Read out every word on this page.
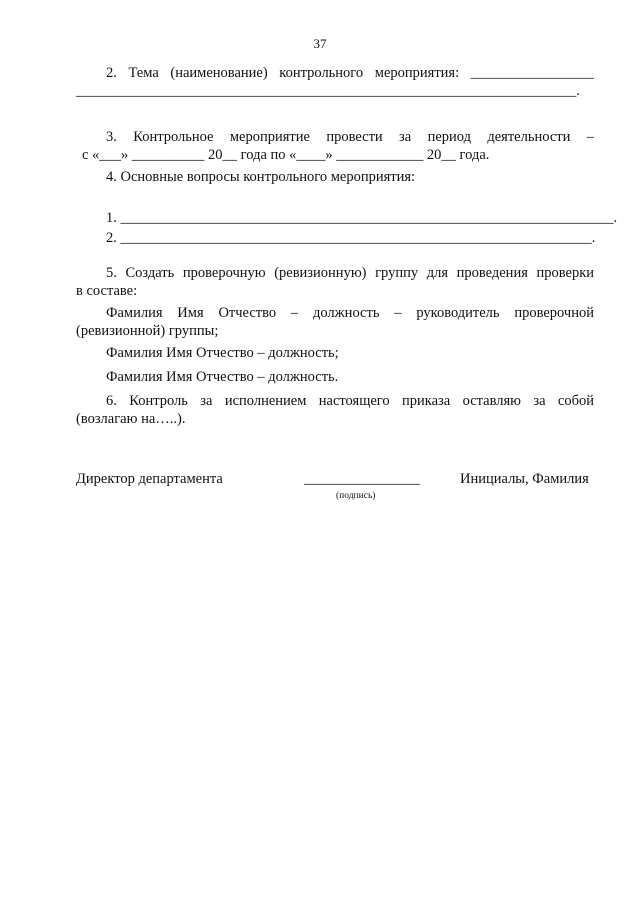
37
2. Тема (наименование) контрольного мероприятия: _________________
_____________________________________________________________________.
3. Контрольное мероприятие провести за период деятельности –
с «___» __________ 20__ года по «____» ____________ 20__ года.
4. Основные вопросы контрольного мероприятия:
1. ____________________________________________________________________.
2. _________________________________________________________________.
5. Создать проверочную (ревизионную) группу для проведения проверки
в составе:
Фамилия Имя Отчество – должность – руководитель проверочной
(ревизионной) группы;
Фамилия Имя Отчество – должность;
Фамилия Имя Отчество – должность.
6. Контроль за исполнением настоящего приказа оставляю за собой
(возлагаю на…..).
Директор департамента	________________
(подпись)
Инициалы, Фамилия
